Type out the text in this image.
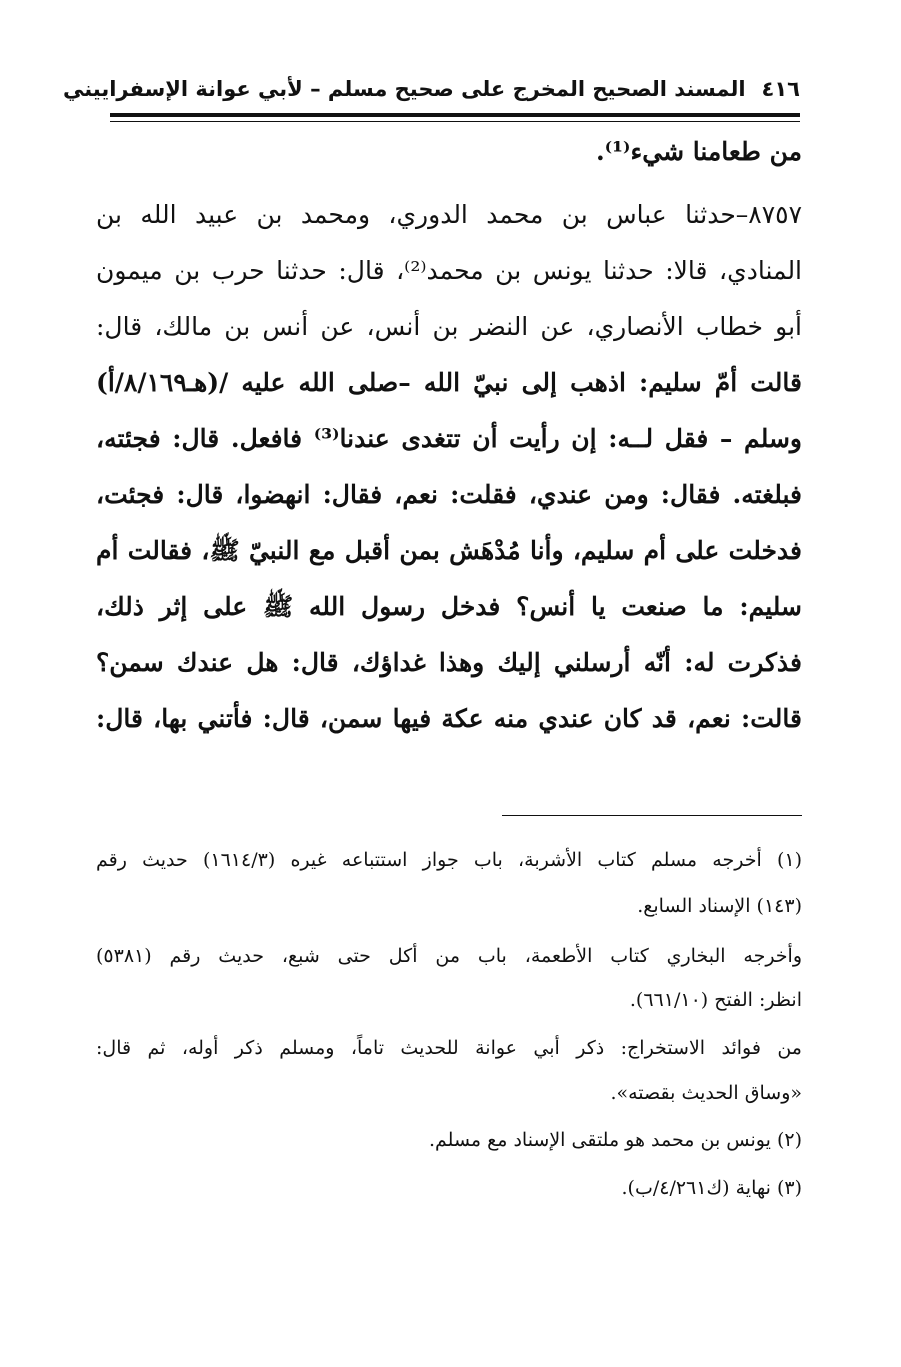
٤١٦
المسند الصحيح المخرج على صحيح مسلم – لأبي عوانة الإسفراييني
من طعامنا شيء⁽¹⁾.
٨٧٥٧–حدثنا عباس بن محمد الدوري، ومحمد بن عبيد الله بن
المنادي، قالا: حدثنا يونس بن محمد⁽²⁾، قال: حدثنا حرب بن ميمون
أبو خطاب الأنصاري، عن النضر بن أنس، عن أنس بن مالك، قال:
قالت أمّ سليم: اذهب إلى نبيّ الله –صلى الله عليه /(هـ٨/١٦٩/أ)
وسلم – فقل لــه: إن رأيت أن تتغدى عندنا⁽³⁾ فافعل. قال: فجئته،
فبلغته. فقال: ومن عندي، فقلت: نعم، فقال: انهضوا، قال: فجئت،
فدخلت على أم سليم، وأنا مُدْهَش بمن أقبل مع النبيّ ﷺ، فقالت أم
سليم: ما صنعت يا أنس؟ فدخل رسول الله ﷺ على إثر ذلك،
فذكرت له: أنّه أرسلني إليك وهذا غداؤك، قال: هل عندك سمن؟
قالت: نعم، قد كان عندي منه عكة فيها سمن، قال: فأتني بها، قال:
(١) أخرجه مسلم كتاب الأشربة، باب جواز استتباعه غيره (١٦١٤/٣) حديث رقم
(١٤٣) الإسناد السابع.
وأخرجه البخاري كتاب الأطعمة، باب من أكل حتى شبع، حديث رقم (٥٣٨١)
انظر: الفتح (٦٦١/١٠).
من فوائد الاستخراج: ذكر أبي عوانة للحديث تاماً، ومسلم ذكر أوله، ثم قال:
«وساق الحديث بقصته».
(٢) يونس بن محمد هو ملتقى الإسناد مع مسلم.
(٣) نهاية (ك٤/٢٦١/ب).
